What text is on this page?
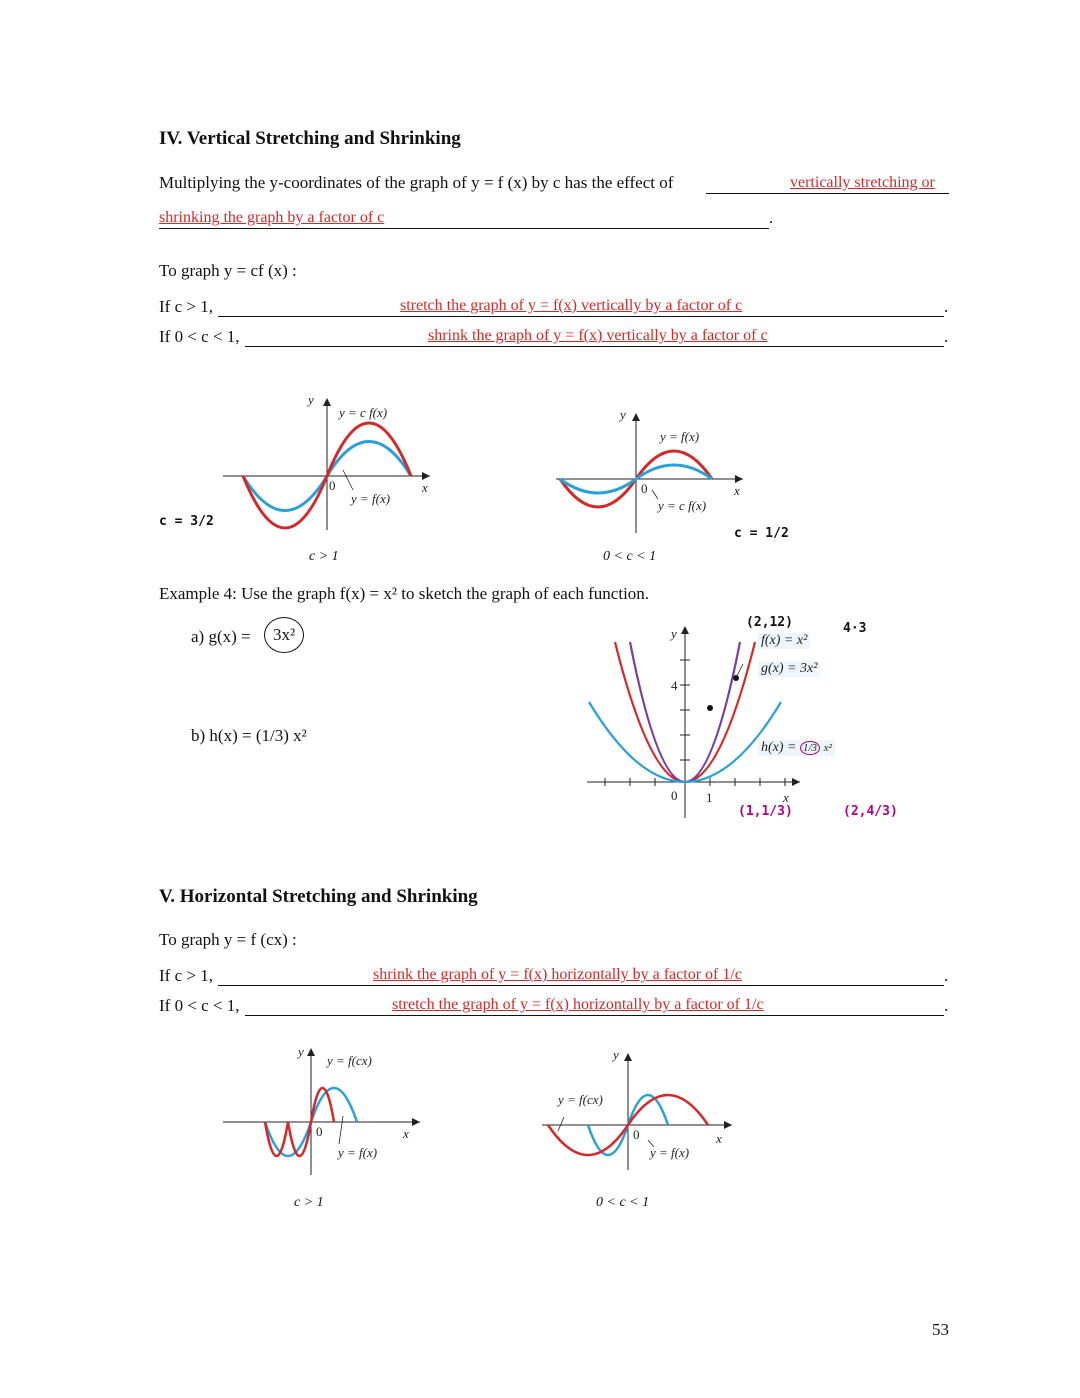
IV. Vertical Stretching and Shrinking
Multiplying the y-coordinates of the graph of y = f (x) by c has the effect of	vertically stretching or
shrinking the graph by a factor of c	.
To graph y = cf (x) :
If c > 1,	stretch the graph of y = f(x) vertically by a factor of c	.
If 0 < c < 1,	shrink the graph of y = f(x) vertically by a factor of c	.
y
x
0
y = c f(x)
y = f(x)
c > 1
c = 3/2
y
x
0
y = f(x)
y = c f(x)
0 < c < 1
c = 1/2
Example 4: Use the graph f(x) = x² to sketch the graph of each function.
a) g(x) =	3x²
b) h(x) = (1/3) x²
y
x
4
0 1
f(x) = x²
g(x) = 3x²
h(x) = 1/3 x²
(2,12)	4·3
(1,1/3)	(2,4/3)
V. Horizontal Stretching and Shrinking
To graph y = f (cx) :
If c > 1,	shrink the graph of y = f(x) horizontally by a factor of 1/c	.
If 0 < c < 1,	stretch the graph of y = f(x) horizontally by a factor of 1/c	.
y
x
0
y = f(cx)
y = f(x)
c > 1
y
x
0
y = f(cx)
y = f(x)
0 < c < 1
53
